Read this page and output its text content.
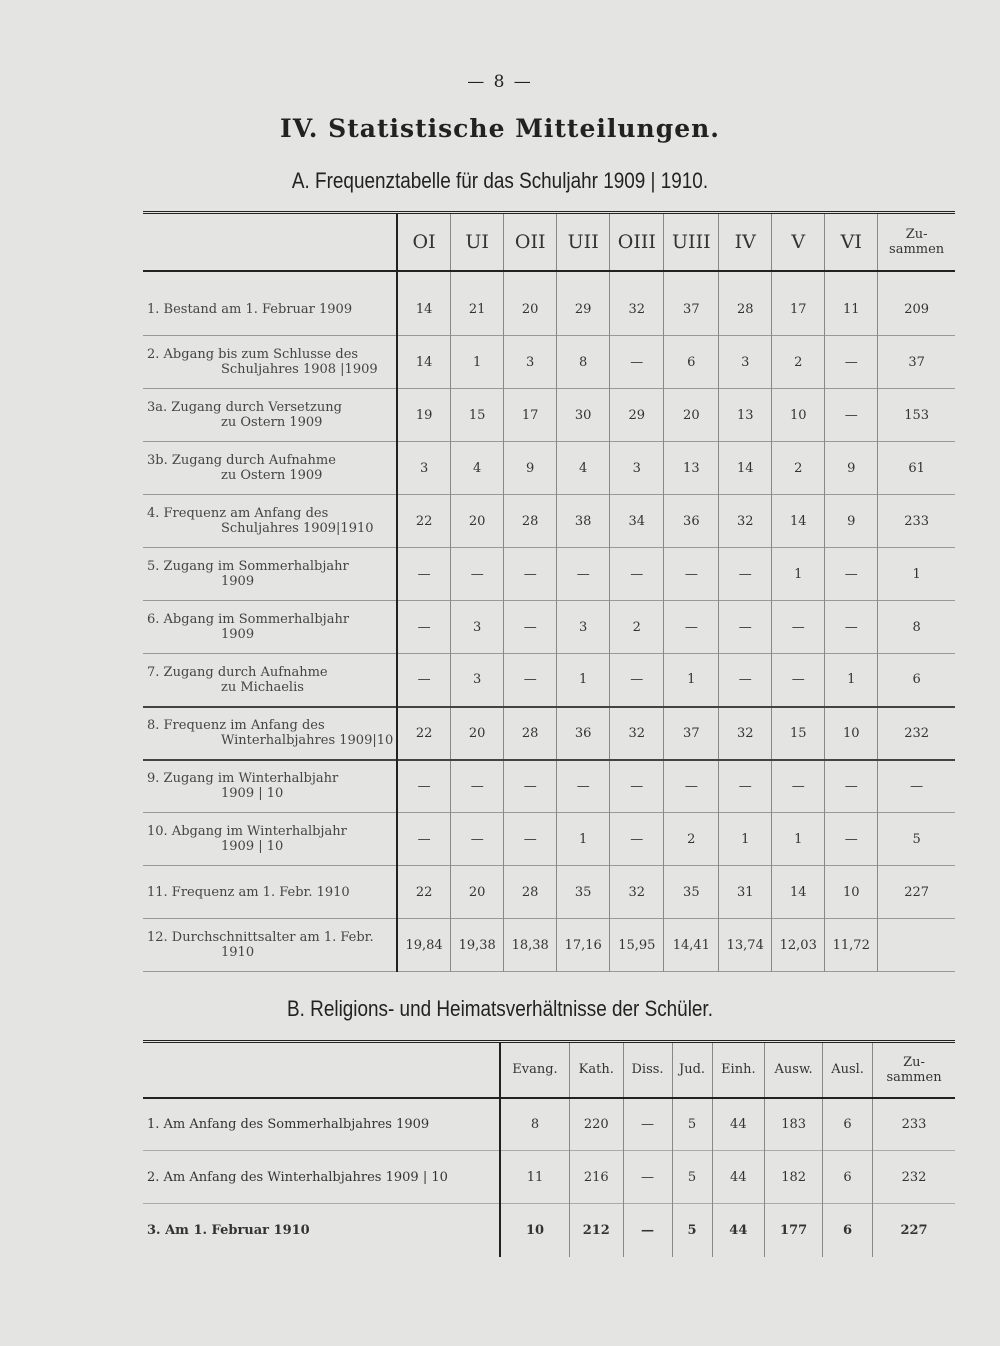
— 8 —
IV. Statistische Mitteilungen.
A. Frequenztabelle für das Schuljahr 1909 | 1910.
	OI	UI	OII	UII	OIII	UIII	IV	V	VI	Zu-
sammen
1. Bestand am 1. Februar 1909	14	21	20	29	32	37	28	17	11	209
2. Abgang bis zum Schlusse des
Schuljahres 1908 |1909	14	1	3	8	—	6	3	2	—	37
3a. Zugang durch Versetzung
zu Ostern 1909	19	15	17	30	29	20	13	10	—	153
3b. Zugang durch Aufnahme
zu Ostern 1909	3	4	9	4	3	13	14	2	9	61
4. Frequenz am Anfang des
Schuljahres 1909|1910	22	20	28	38	34	36	32	14	9	233
5. Zugang im Sommerhalbjahr
1909	—	—	—	—	—	—	—	1	—	1
6. Abgang im Sommerhalbjahr
1909	—	3	—	3	2	—	—	—	—	8
7. Zugang durch Aufnahme
zu Michaelis	—	3	—	1	—	1	—	—	1	6
8. Frequenz im Anfang des
Winterhalbjahres 1909|10	22	20	28	36	32	37	32	15	10	232
9. Zugang im Winterhalbjahr
1909 | 10	—	—	—	—	—	—	—	—	—	—
10. Abgang im Winterhalbjahr
1909 | 10	—	—	—	1	—	2	1	1	—	5
11. Frequenz am 1. Febr. 1910	22	20	28	35	32	35	31	14	10	227
12. Durchschnittsalter am 1. Febr.
1910	19,84	19,38	18,38	17,16	15,95	14,41	13,74	12,03	11,72	
B. Religions- und Heimatsverhältnisse der Schüler.
	Evang.	Kath.	Diss.	Jud.	Einh.	Ausw.	Ausl.	Zu-
sammen
1. Am Anfang des Sommerhalbjahres 1909	8	220	—	5	44	183	6	233
2. Am Anfang des Winterhalbjahres 1909 | 10	11	216	—	5	44	182	6	232
3. Am 1. Februar 1910	10	212	—	5	44	177	6	227
